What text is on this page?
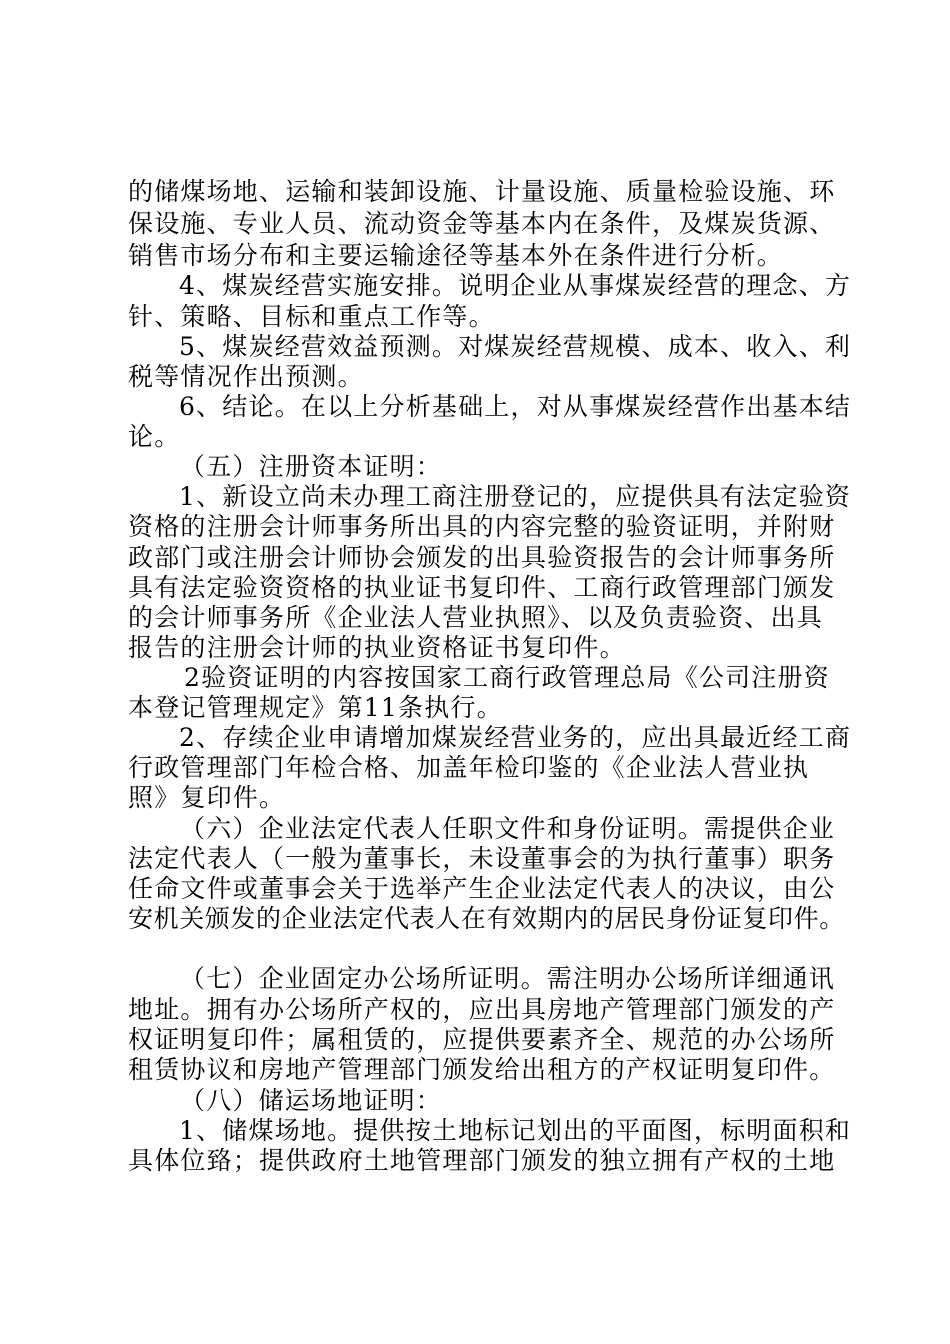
的储煤场地、运输和装卸设施、计量设施、质量检验设施、环
保设施、专业人员、流动资金等基本内在条件，及煤炭货源、
销售市场分布和主要运输途径等基本外在条件进行分析。
4、煤炭经营实施安排。说明企业从事煤炭经营的理念、方
针、策略、目标和重点工作等。
5、煤炭经营效益预测。对煤炭经营规模、成本、收入、利
税等情况作出预测。
6、结论。在以上分析基础上，对从事煤炭经营作出基本结
论。
（五）注册资本证明：
1、新设立尚未办理工商注册登记的，应提供具有法定验资
资格的注册会计师事务所出具的内容完整的验资证明，并附财
政部门或注册会计师协会颁发的出具验资报告的会计师事务所
具有法定验资资格的执业证书复印件、工商行政管理部门颁发
的会计师事务所《企业法人营业执照》、以及负责验资、出具
报告的注册会计师的执业资格证书复印件。
2验资证明的内容按国家工商行政管理总局《公司注册资
本登记管理规定》第11条执行。
2、存续企业申请增加煤炭经营业务的，应出具最近经工商
行政管理部门年检合格、加盖年检印鉴的《企业法人营业执
照》复印件。
（六）企业法定代表人任职文件和身份证明。需提供企业
法定代表人（一般为董事长，未设董事会的为执行董事）职务
任命文件或董事会关于选举产生企业法定代表人的决议，由公
安机关颁发的企业法定代表人在有效期内的居民身份证复印件。
（七）企业固定办公场所证明。需注明办公场所详细通讯
地址。拥有办公场所产权的，应出具房地产管理部门颁发的产
权证明复印件；属租赁的，应提供要素齐全、规范的办公场所
租赁协议和房地产管理部门颁发给出租方的产权证明复印件。
（八）储运场地证明：
1、储煤场地。提供按土地标记划出的平面图，标明面积和
具体位臵；提供政府土地管理部门颁发的独立拥有产权的土地
